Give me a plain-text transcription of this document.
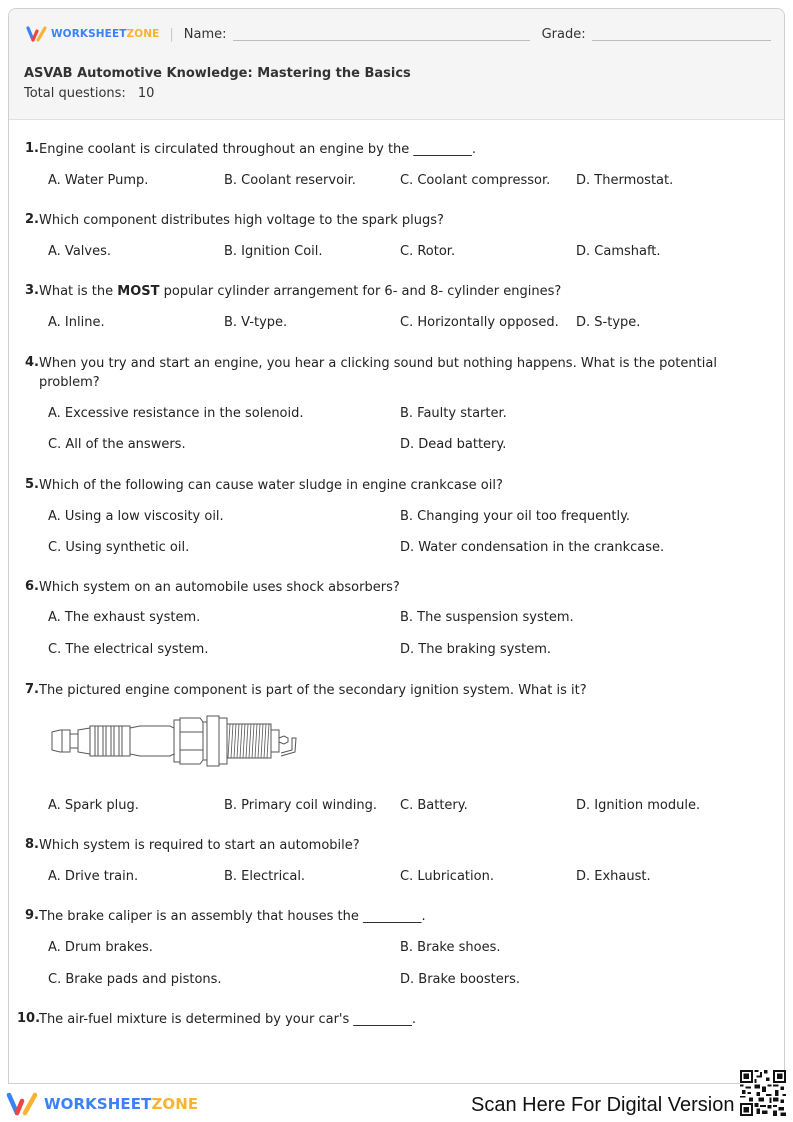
WORKSHEETZONE | Name:	Grade:
ASVAB Automotive Knowledge: Mastering the Basics
Total questions: 10
1. Engine coolant is circulated throughout an engine by the _________.
A. Water Pump.	B. Coolant reservoir.	C. Coolant compressor. D. Thermostat.
2. Which component distributes high voltage to the spark plugs?
A. Valves.	B. Ignition Coil.	C. Rotor.	D. Camshaft.
3. What is the MOST popular cylinder arrangement for 6- and 8- cylinder engines?
A. Inline.	B. V-type.	C. Horizontally opposed. D. S-type.
4. When you try and start an engine, you hear a clicking sound but nothing happens. What is the potential problem?
A. Excessive resistance in the solenoid.	B. Faulty starter.
C. All of the answers.	D. Dead battery.
5. Which of the following can cause water sludge in engine crankcase oil?
A. Using a low viscosity oil.	B. Changing your oil too frequently.
C. Using synthetic oil.	D. Water condensation in the crankcase.
6. Which system on an automobile uses shock absorbers?
A. The exhaust system.	B. The suspension system.
C. The electrical system.	D. The braking system.
7. The pictured engine component is part of the secondary ignition system. What is it?
A. Spark plug.	B. Primary coil winding. C. Battery.	D. Ignition module.
8. Which system is required to start an automobile?
A. Drive train.	B. Electrical.	C. Lubrication.	D. Exhaust.
9. The brake caliper is an assembly that houses the _________.
A. Drum brakes.	B. Brake shoes.
C. Brake pads and pistons.	D. Brake boosters.
10.
The air-fuel mixture is determined by your car's _________.
WORKSHEETZONE	Scan Here For Digital Version
